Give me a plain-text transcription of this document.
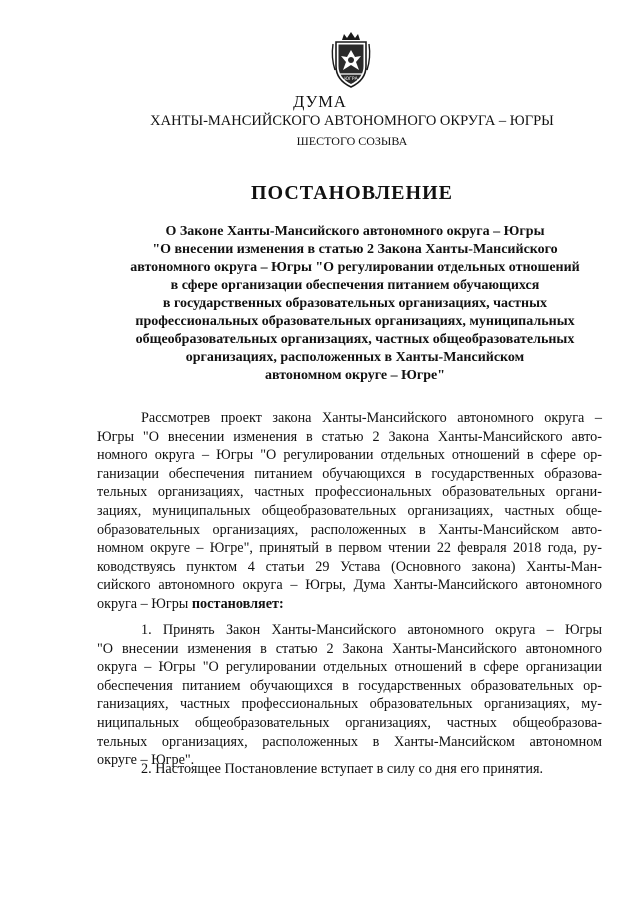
ЮГРА
ДУМА
ХАНТЫ-МАНСИЙСКОГО АВТОНОМНОГО ОКРУГА – ЮГРЫ
ШЕСТОГО СОЗЫВА
ПОСТАНОВЛЕНИЕ
О Законе Ханты-Мансийского автономного округа – Югры
"О внесении изменения в статью 2 Закона Ханты-Мансийского
автономного округа – Югры "О регулировании отдельных отношений
в сфере организации обеспечения питанием обучающихся
в государственных образовательных организациях, частных
профессиональных образовательных организациях, муниципальных
общеобразовательных организациях, частных общеобразовательных
организациях, расположенных в Ханты-Мансийском
автономном округе – Югре"
Рассмотрев проект закона Ханты-Мансийского автономного округа –
Югры "О внесении изменения в статью 2 Закона Ханты-Мансийского авто-
номного округа – Югры "О регулировании отдельных отношений в сфере ор-
ганизации обеспечения питанием обучающихся в государственных образова-
тельных организациях, частных профессиональных образовательных органи-
зациях, муниципальных общеобразовательных организациях, частных обще-
образовательных организациях, расположенных в Ханты-Мансийском авто-
номном округе – Югре", принятый в первом чтении 22 февраля 2018 года, ру-
ководствуясь пунктом 4 статьи 29 Устава (Основного закона) Ханты-Ман-
сийского автономного округа – Югры, Дума Ханты-Мансийского автономного
округа – Югры постановляет:
1. Принять Закон Ханты-Мансийского автономного округа – Югры
"О внесении изменения в статью 2 Закона Ханты-Мансийского автономного
округа – Югры "О регулировании отдельных отношений в сфере организации
обеспечения питанием обучающихся в государственных образовательных ор-
ганизациях, частных профессиональных образовательных организациях, му-
ниципальных общеобразовательных организациях, частных общеобразова-
тельных организациях, расположенных в Ханты-Мансийском автономном
округе – Югре".
2. Настоящее Постановление вступает в силу со дня его принятия.
